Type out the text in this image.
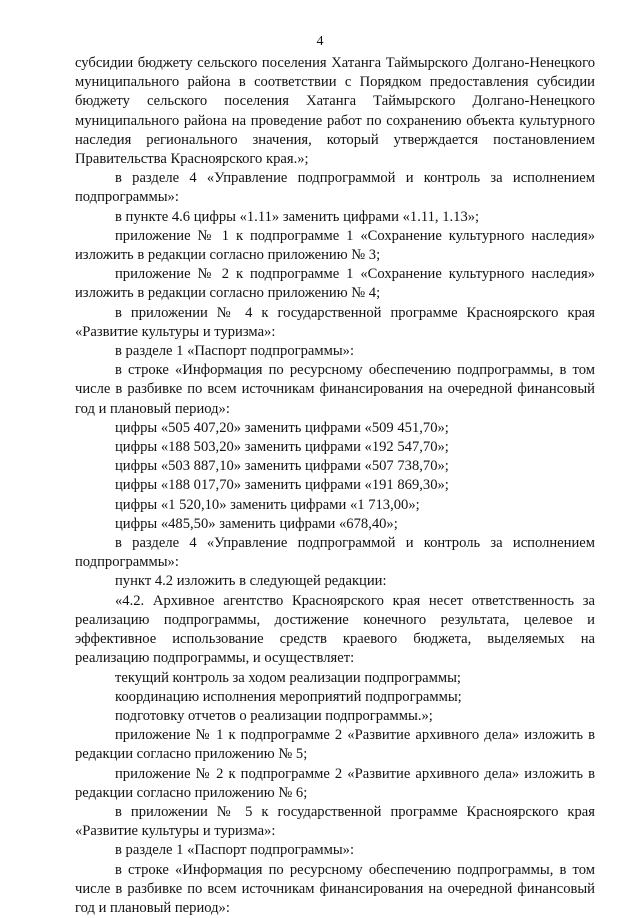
4

субсидии бюджету сельского поселения Хатанга Таймырского Долгано-Ненецкого муниципального района в соответствии с Порядком предоставления субсидии бюджету сельского поселения Хатанга Таймырского Долгано-Ненецкого муниципального района на проведение работ по сохранению объекта культурного наследия регионального значения, который утверждается постановлением Правительства Красноярского края.»;

в разделе 4 «Управление подпрограммой и контроль за исполнением подпрограммы»:

в пункте 4.6 цифры «1.11» заменить цифрами «1.11, 1.13»;

приложение № 1 к подпрограмме 1 «Сохранение культурного наследия» изложить в редакции согласно приложению № 3;

приложение № 2 к подпрограмме 1 «Сохранение культурного наследия» изложить в редакции согласно приложению № 4;

в приложении № 4 к государственной программе Красноярского края «Развитие культуры и туризма»:

в разделе 1 «Паспорт подпрограммы»:

в строке «Информация по ресурсному обеспечению подпрограммы, в том числе в разбивке по всем источникам финансирования на очередной финансовый год и плановый период»:

цифры «505 407,20» заменить цифрами «509 451,70»;

цифры «188 503,20» заменить цифрами «192 547,70»;

цифры «503 887,10» заменить цифрами «507 738,70»;

цифры «188 017,70» заменить цифрами «191 869,30»;

цифры «1 520,10» заменить цифрами «1 713,00»;

цифры «485,50» заменить цифрами «678,40»;

в разделе 4 «Управление подпрограммой и контроль за исполнением подпрограммы»:

пункт 4.2 изложить в следующей редакции:

«4.2. Архивное агентство Красноярского края несет ответственность за реализацию подпрограммы, достижение конечного результата, целевое и эффективное использование средств краевого бюджета, выделяемых на реализацию подпрограммы, и осуществляет:

текущий контроль за ходом реализации подпрограммы;

координацию исполнения мероприятий подпрограммы;

подготовку отчетов о реализации подпрограммы.»;

приложение № 1 к подпрограмме 2 «Развитие архивного дела» изложить в редакции согласно приложению № 5;

приложение № 2 к подпрограмме 2 «Развитие архивного дела» изложить в редакции согласно приложению № 6;

в приложении № 5 к государственной программе Красноярского края «Развитие культуры и туризма»:

в разделе 1 «Паспорт подпрограммы»:

в строке «Информация по ресурсному обеспечению подпрограммы, в том числе в разбивке по всем источникам финансирования на очередной финансовый год и плановый период»:
